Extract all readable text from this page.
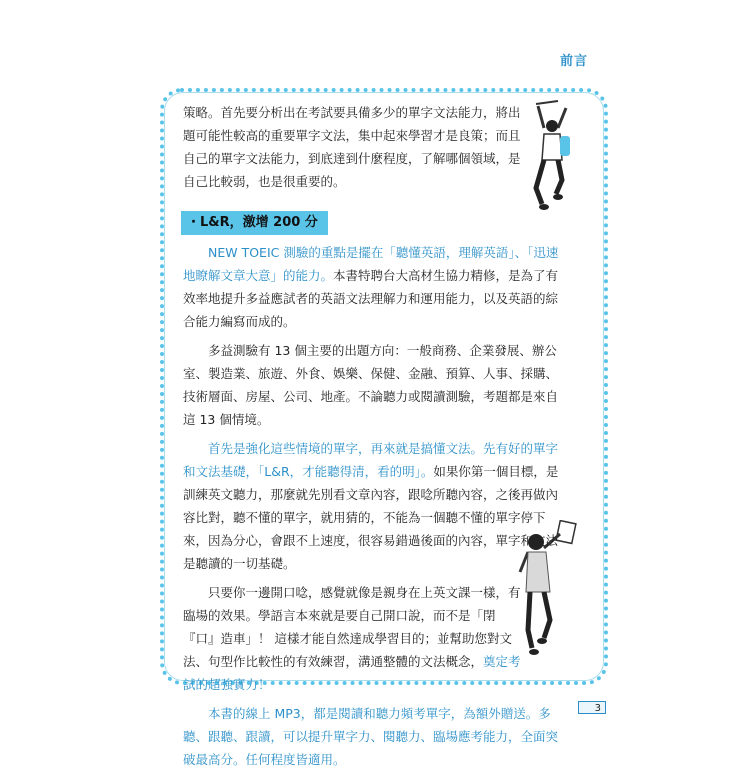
前言

策略。首先要分析出在考試要具備多少的單字文法能力，將出題可能性較高的重要單字文法，集中起來學習才是良策；而且自己的單字文法能力，到底達到什麼程度，了解哪個領域，是自己比較弱，也是很重要的。

・L&R，激增 200 分

NEW TOEIC 測驗的重點是擺在「聽懂英語，理解英語」、「迅速地瞭解文章大意」的能力。本書特聘台大高材生協力精修，是為了有效率地提升多益應試者的英語文法理解力和運用能力，以及英語的綜合能力編寫而成的。

多益測驗有 13 個主要的出題方向：一般商務、企業發展、辦公室、製造業、旅遊、外食、娛樂、保健、金融、預算、人事、採購、技術層面、房屋、公司、地產。不論聽力或閱讀測驗，考題都是來自這 13 個情境。

首先是強化這些情境的單字，再來就是搞懂文法。先有好的單字和文法基礎，「L&R，才能聽得清，看的明」。如果你第一個目標，是訓練英文聽力，那麼就先別看文章內容，跟唸所聽內容，之後再做內容比對，聽不懂的單字，就用猜的，不能為一個聽不懂的單字停下來，因為分心，會跟不上速度，很容易錯過後面的內容，單字和文法是聽讀的一切基礎。

只要你一邊開口唸，感覺就像是親身在上英文課一樣，有臨場的效果。學語言本來就是要自己開口說，而不是「閉『口』造車」！ 這樣才能自然達成學習目的；並幫助您對文法、句型作比較性的有效練習，溝通整體的文法概念，奠定考試的超強實力！

本書的線上 MP3，都是閱讀和聽力頻考單字，為額外贈送。多聽、跟聽、跟讀，可以提升單字力、閱聽力、臨場應考能力，全面突破最高分。任何程度皆適用。

3
